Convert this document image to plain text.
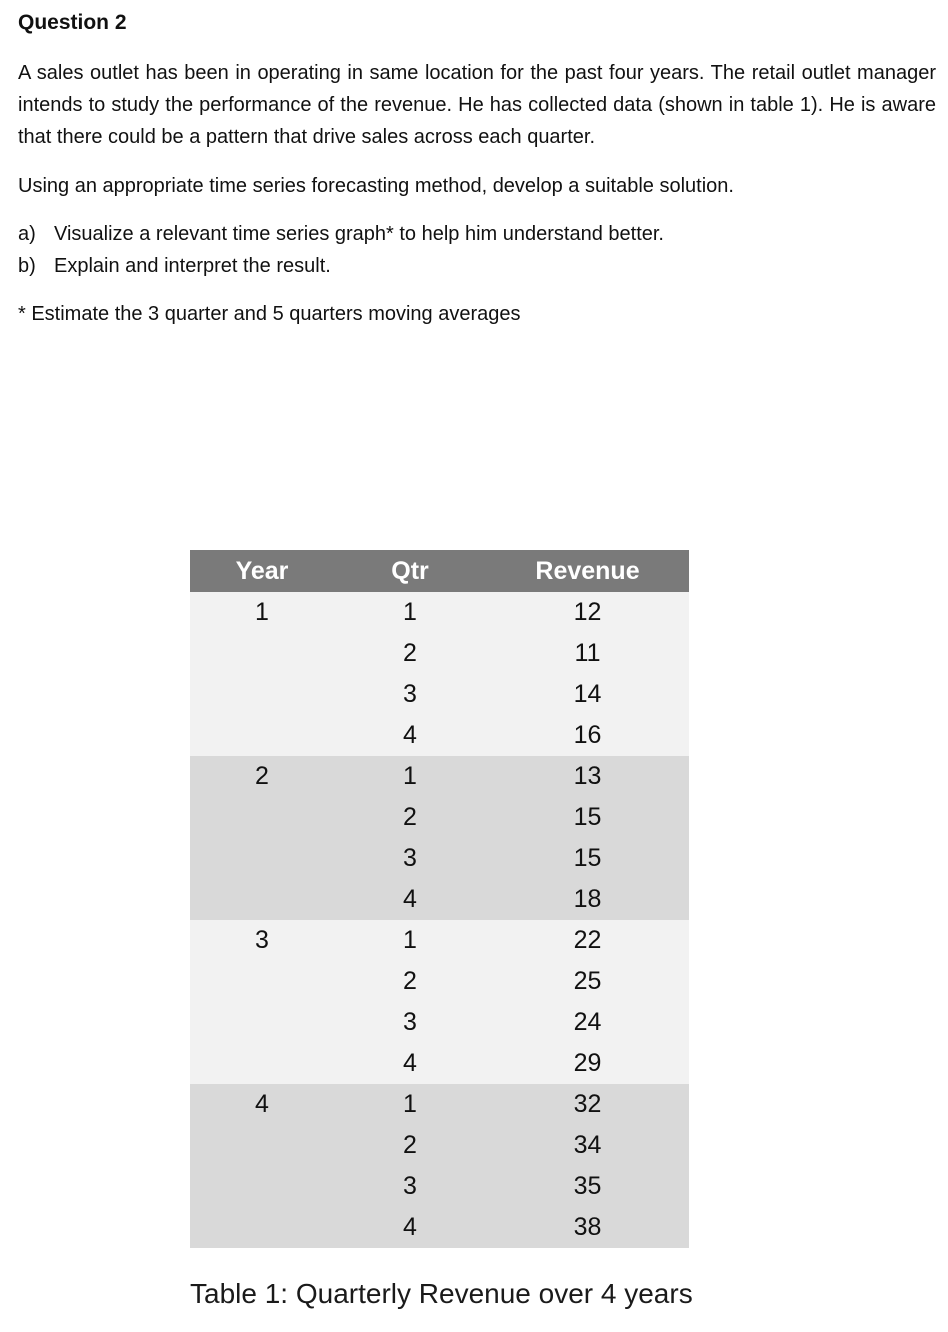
Question 2

A sales outlet has been in operating in same location for the past four years. The retail outlet manager intends to study the performance of the revenue. He has collected data (shown in table 1). He is aware that there could be a pattern that drive sales across each quarter.

Using an appropriate time series forecasting method, develop a suitable solution.

a) Visualize a relevant time series graph* to help him understand better.
b) Explain and interpret the result.

* Estimate the 3 quarter and 5 quarters moving averages

Year	Qtr	Revenue
1	1	12
	2	11
	3	14
	4	16
2	1	13
	2	15
	3	15
	4	18
3	1	22
	2	25
	3	24
	4	29
4	1	32
	2	34
	3	35
	4	38

Table 1: Quarterly Revenue over 4 years
